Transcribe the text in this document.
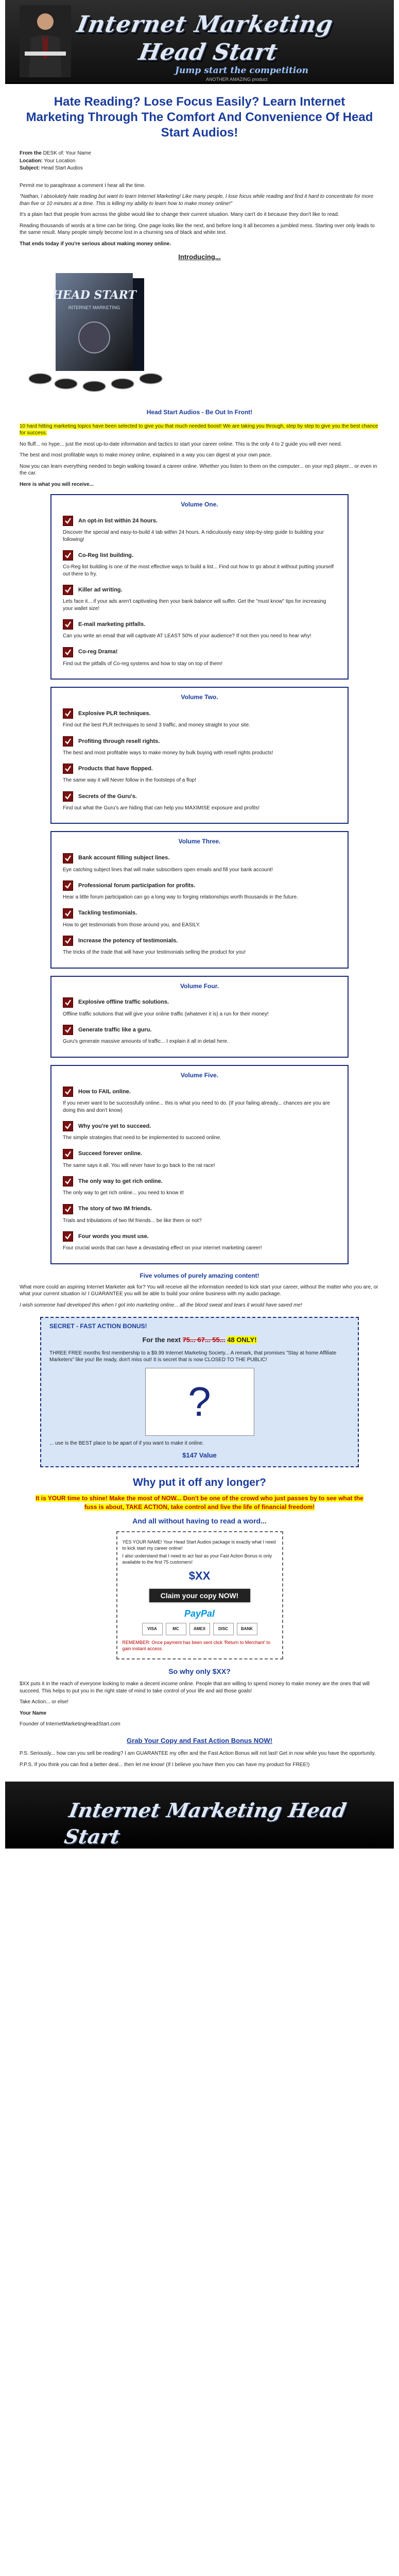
Internet Marketing
Head Start
Jump start the competition
ANOTHER AMAZING product
Hate Reading? Lose Focus Easily? Learn Internet Marketing Through The Comfort And Convenience Of Head Start Audios!
From the DESK of: Your Name
Location: Your Location
Subject: Head Start Audios

Permit me to paraphrase a comment I hear all the time.

"Nathan, I absolutely hate reading but want to learn Internet Marketing! Like many people, I lose focus while reading and find it hard to concentrate for more than five or 10 minutes at a time. This is killing my ability to learn how to make money online!"

It's a plain fact that people from across the globe would like to change their current situation. Many can't do it because they don't like to read.

Reading thousands of words at a time can be tiring. One page looks like the next, and before long it all becomes a jumbled mess. Starting over only leads to the same result. Many people simply become lost in a churning sea of black and white text.

That ends today if you're serious about making money online.

Introducing...
HEAD START
INTERNET MARKETING
Head Start Audios - Be Out In Front!

10 hard hitting marketing topics have been selected to give you that much needed boost! We are taking you through, step by step to give you the best chance for success.

No fluff... no hype... just the most up-to-date information and tactics to start your career online. This is the only 4 to 2 guide you will ever need.

The best and most profitable ways to make money online, explained in a way you can digest at your own pace.

Now you can learn everything needed to begin walking toward a career online. Whether you listen to them on the computer... on your mp3 player... or even in the car.

Here is what you will receive...

Volume One.
An opt-in list within 24 hours.

Discover the special and easy-to-build 4 tab within 24 hours. A ridiculously easy step-by-step guide to building your following!

Co-Reg list building.

Co-Reg list building is one of the most effective ways to build a list... Find out how to go about it without putting yourself out there to fry.

Killer ad writing.

Lets face it... if your ads aren't captivating then your bank balance will suffer. Get the "must know" tips for increasing your wallet size!

E-mail marketing pitfalls.

Can you write an email that will captivate AT LEAST 50% of your audience? If not then you need to hear why!

Co-reg Drama!

Find out the pitfalls of Co-reg systems and how to stay on top of them!

Volume Two.
Explosive PLR techniques.

Find out the best PLR techniques to send 3 traffic, and money straight to your site.

Profiting through resell rights.

The best and most profitable ways to make money by bulk buying with resell rights products!

Products that have flopped.

The same way it will Never follow in the footsteps of a flop!

Secrets of the Guru's.

Find out what the Guru's are hiding that can help you MAXIMISE exposure and profits!

Volume Three.
Bank account filling subject lines.

Eye catching subject lines that will make subscribers open emails and fill your bank account!

Professional forum participation for profits.

Hear a little forum participation can go a long way to forging relationships worth thousands in the future.

Tackling testimonials.

How to get testimonials from those around you, and EASILY.

Increase the potency of testimonials.

The tricks of the trade that will have your testimonials selling the product for you!

Volume Four.
Explosive offline traffic solutions.

Offline traffic solutions that will give your online traffic (whatever it is) a run for their money!

Generate traffic like a guru.

Guru's generate massive amounts of traffic... I explain it all in detail here.

Volume Five.
How to FAIL online.

If you never want to be successfully online... this is what you need to do. (If your failing already... chances are you are doing this and don't know)

Why you're yet to succeed.

The simple strategies that need to be implemented to succeed online.

Succeed forever online.

The same says it all. You will never have to go back to the rat race!

The only way to get rich online.

The only way to get rich online... you need to know it!

The story of two IM friends.

Trials and tribulations of two IM friends... be like them or not?

Four words you must use.

Four crucial words that can have a devastating effect on your internet marketing career!

Five volumes of purely amazing content!

What more could an aspiring Internet Marketer ask for? You will receive all the information needed to kick start your career, without the matter who you are, or what your current situation is! I GUARANTEE you will be able to build your online business with my audio package.

I wish someone had developed this when I got into marketing online... all the blood sweat and tears it would have saved me!

SECRET - FAST ACTION BONUS!
For the next 75... 67... 55... 48 ONLY!

THREE FREE months first membership to a $9.99 Internet Marketing Society... A remark, that promises "Stay at home Affiliate Marketers" like you! Be ready, don't miss out! It is secret that is now CLOSED TO THE PUBLIC!

?

... use is the BEST place to be apart of if you want to make it online.

$147 Value
Why put it off any longer?
It is YOUR time to shine! Make the most of NOW... Don't be one of the crowd who just passes by to see what the fuss is about, TAKE ACTION, take control and live the life of financial freedom!
And all without having to read a word...

YES YOUR NAME! Your Head Start Audios package is exactly what I need to kick start my career online!

I also understand that I need to act fast as your Fast Action Bonus is only available to the first 75 customers!

$XX
Claim your copy NOW!
PayPal
VISA	MC	AMEX	DISC	BANK

REMEMBER: Once payment has been sent click 'Return to Merchant' to gain instant access.

So why only $XX?

$XX puts it in the reach of everyone looking to make a decent income online. People that are willing to spend money to make money are the ones that will succeed. This helps to put you in the right state of mind to take control of your life and aid those goals!

Take Action... or else!

Your Name

Founder of InternetMarketingHeadStart.com

Grab Your Copy and Fast Action Bonus NOW!

P.S. Seriously... how can you sell be reading? I am GUARANTEE my offer and the Fast Action Bonus will not last! Get in now while you have the opportunity.

P.P.S. If you think you can find a better deal... then let me know! (If I believe you have then you can have my product for FREE!)

Internet Marketing Head Start
